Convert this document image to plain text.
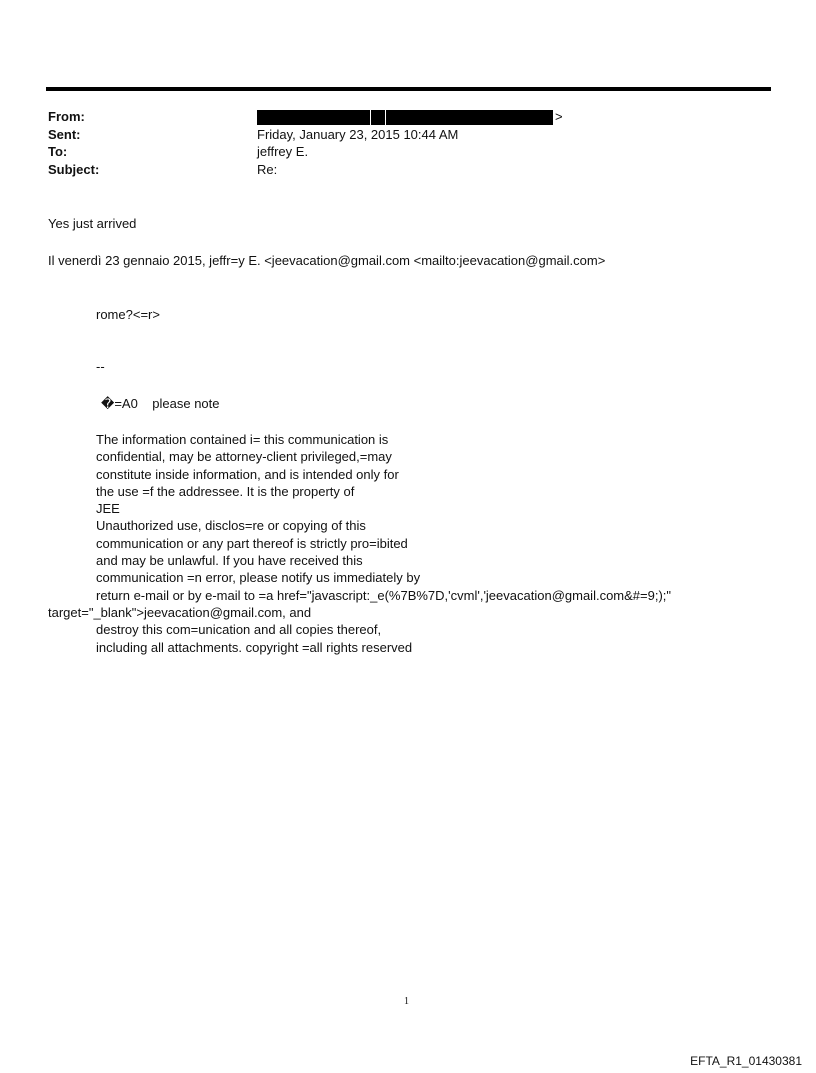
From:	>
Sent:	Friday, January 23, 2015 10:44 AM
To:	jeffrey E.
Subject:	Re:
Yes just arrived
Il venerdì 23 gennaio 2015, jeffr=y E. <jeevacation@gmail.com <mailto:jeevacation@gmail.com>
rome?<=r>
--
�=A0    please note
The information contained i= this communication is
confidential, may be attorney-client privileged,=may
constitute inside information, and is intended only for
the use =f the addressee. It is the property of
JEE
Unauthorized use, disclos=re or copying of this
communication or any part thereof is strictly pro=ibited
and may be unlawful. If you have received this
communication =n error, please notify us immediately by
return e-mail or by e-mail to =a href="javascript:_e(%7B%7D,'cvml','jeevacation@gmail.com&#=9;);"
target="_blank">jeevacation@gmail.com, and
destroy this com=unication and all copies thereof,
including all attachments. copyright =all rights reserved
1
EFTA_R1_01430381
